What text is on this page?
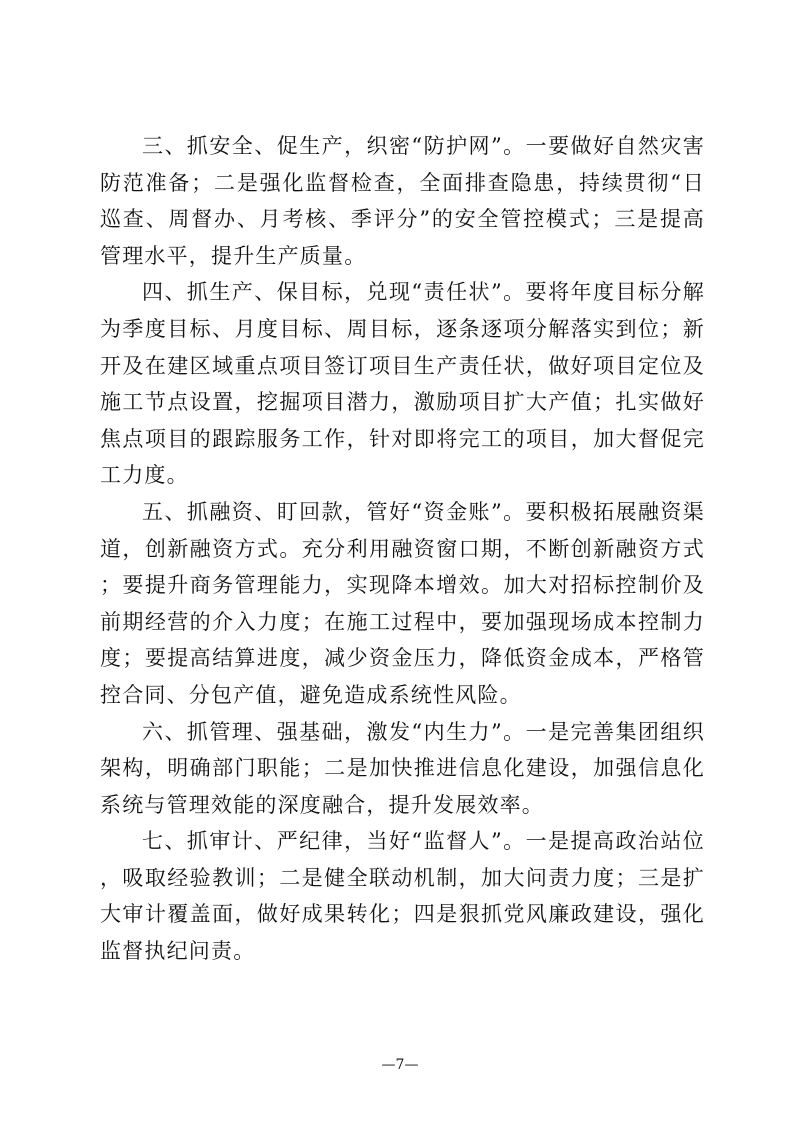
三、抓安全、促生产，织密“防护网”。一要做好自然灾害防范准备；二是强化监督检查，全面排查隐患，持续贯彻“日巡查、周督办、月考核、季评分”的安全管控模式；三是提高管理水平，提升生产质量。

四、抓生产、保目标，兑现“责任状”。要将年度目标分解为季度目标、月度目标、周目标，逐条逐项分解落实到位；新开及在建区域重点项目签订项目生产责任状，做好项目定位及施工节点设置，挖掘项目潜力，激励项目扩大产值；扎实做好焦点项目的跟踪服务工作，针对即将完工的项目，加大督促完工力度。

五、抓融资、盯回款，管好“资金账”。要积极拓展融资渠道，创新融资方式。充分利用融资窗口期，不断创新融资方式；要提升商务管理能力，实现降本增效。加大对招标控制价及前期经营的介入力度；在施工过程中，要加强现场成本控制力度；要提高结算进度，减少资金压力，降低资金成本，严格管控合同、分包产值，避免造成系统性风险。

六、抓管理、强基础，激发“内生力”。一是完善集团组织架构，明确部门职能；二是加快推进信息化建设，加强信息化系统与管理效能的深度融合，提升发展效率。

七、抓审计、严纪律，当好“监督人”。一是提高政治站位，吸取经验教训；二是健全联动机制，加大问责力度；三是扩大审计覆盖面，做好成果转化；四是狠抓党风廉政建设，强化监督执纪问责。

—7—
